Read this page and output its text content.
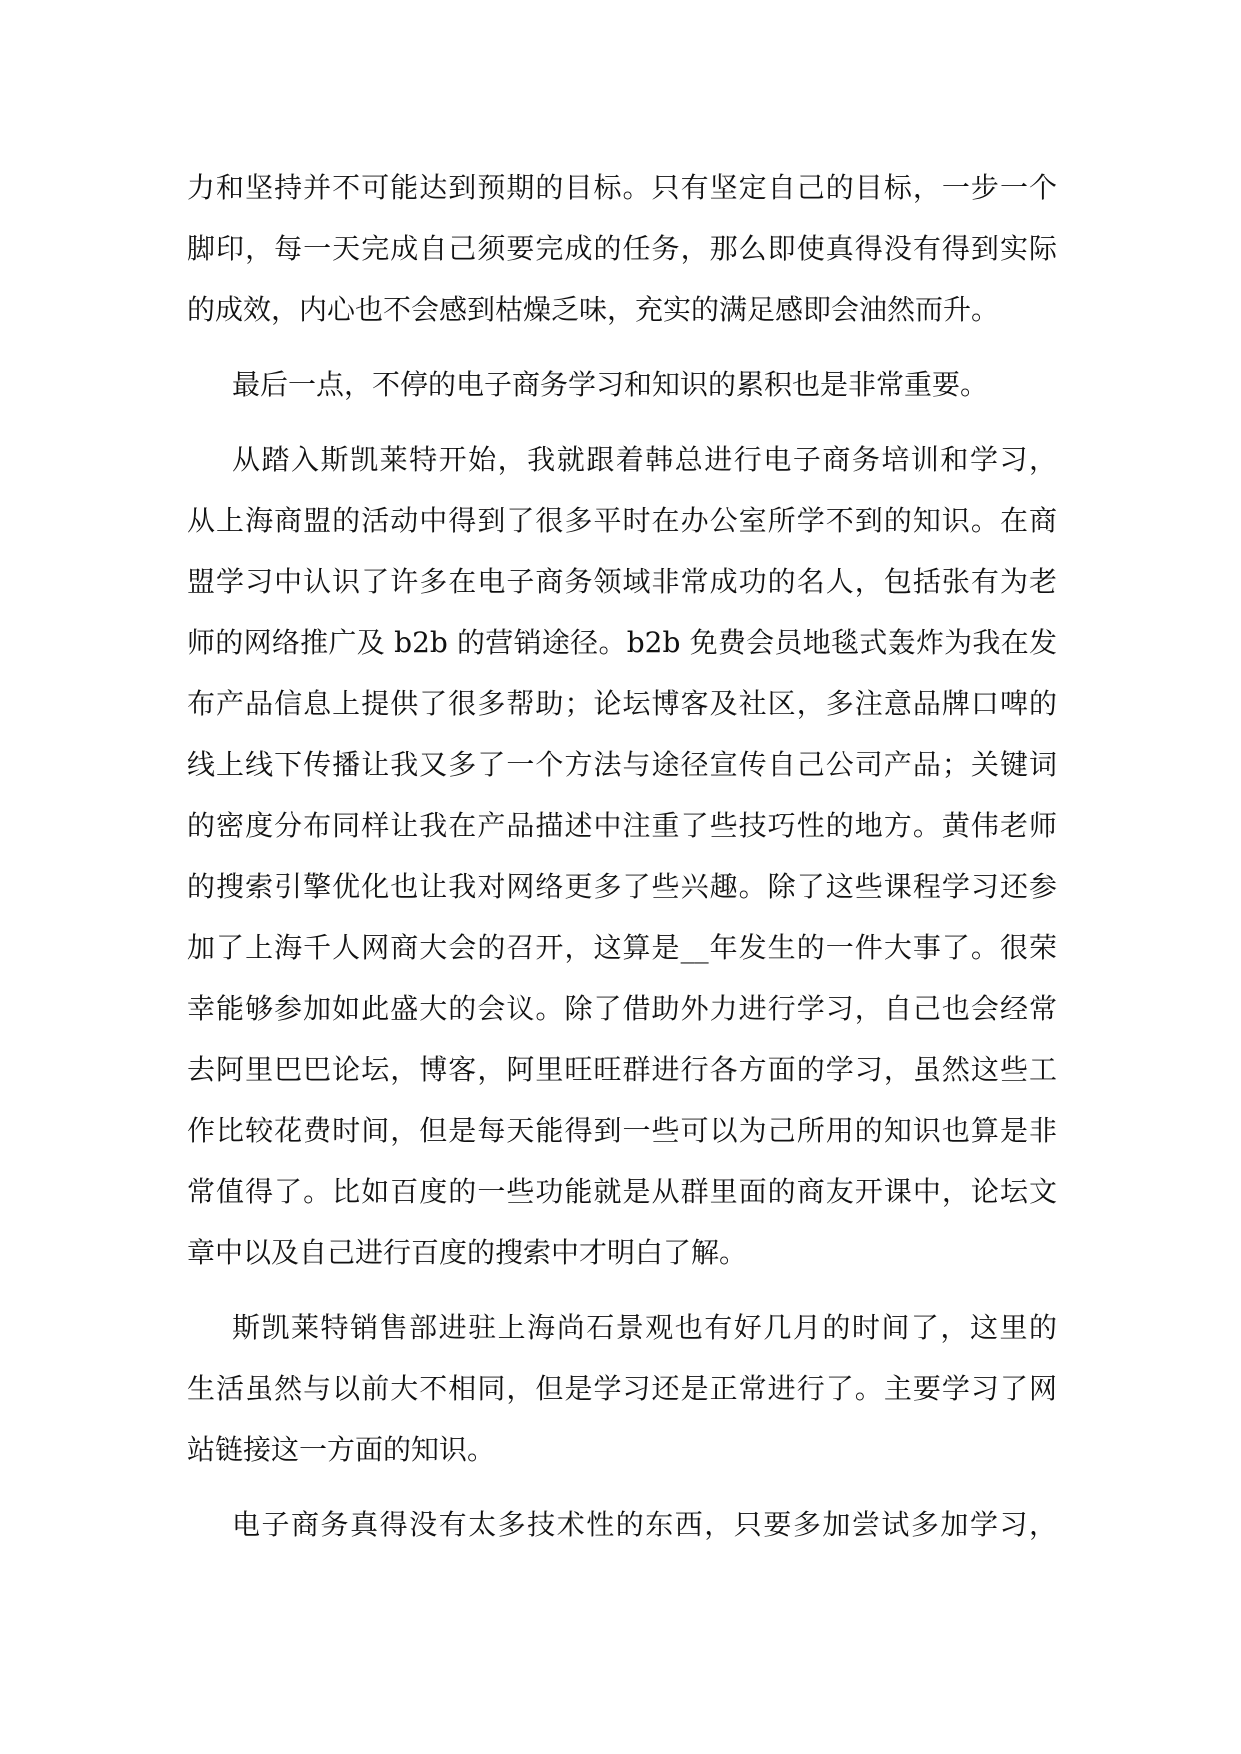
力和坚持并不可能达到预期的目标。只有坚定自己的目标，一步一个
脚印，每一天完成自己须要完成的任务，那么即使真得没有得到实际
的成效，内心也不会感到枯燥乏味，充实的满足感即会油然而升。
最后一点，不停的电子商务学习和知识的累积也是非常重要。
从踏入斯凯莱特开始，我就跟着韩总进行电子商务培训和学习，
从上海商盟的活动中得到了很多平时在办公室所学不到的知识。在商
盟学习中认识了许多在电子商务领域非常成功的名人，包括张有为老
师的网络推广及 b2b 的营销途径。b2b 免费会员地毯式轰炸为我在发
布产品信息上提供了很多帮助；论坛博客及社区，多注意品牌口啤的
线上线下传播让我又多了一个方法与途径宣传自己公司产品；关键词
的密度分布同样让我在产品描述中注重了些技巧性的地方。黄伟老师
的搜索引擎优化也让我对网络更多了些兴趣。除了这些课程学习还参
加了上海千人网商大会的召开，这算是__年发生的一件大事了。很荣
幸能够参加如此盛大的会议。除了借助外力进行学习，自己也会经常
去阿里巴巴论坛，博客，阿里旺旺群进行各方面的学习，虽然这些工
作比较花费时间，但是每天能得到一些可以为己所用的知识也算是非
常值得了。比如百度的一些功能就是从群里面的商友开课中，论坛文
章中以及自己进行百度的搜索中才明白了解。
斯凯莱特销售部进驻上海尚石景观也有好几月的时间了，这里的
生活虽然与以前大不相同，但是学习还是正常进行了。主要学习了网
站链接这一方面的知识。
电子商务真得没有太多技术性的东西，只要多加尝试多加学习，
